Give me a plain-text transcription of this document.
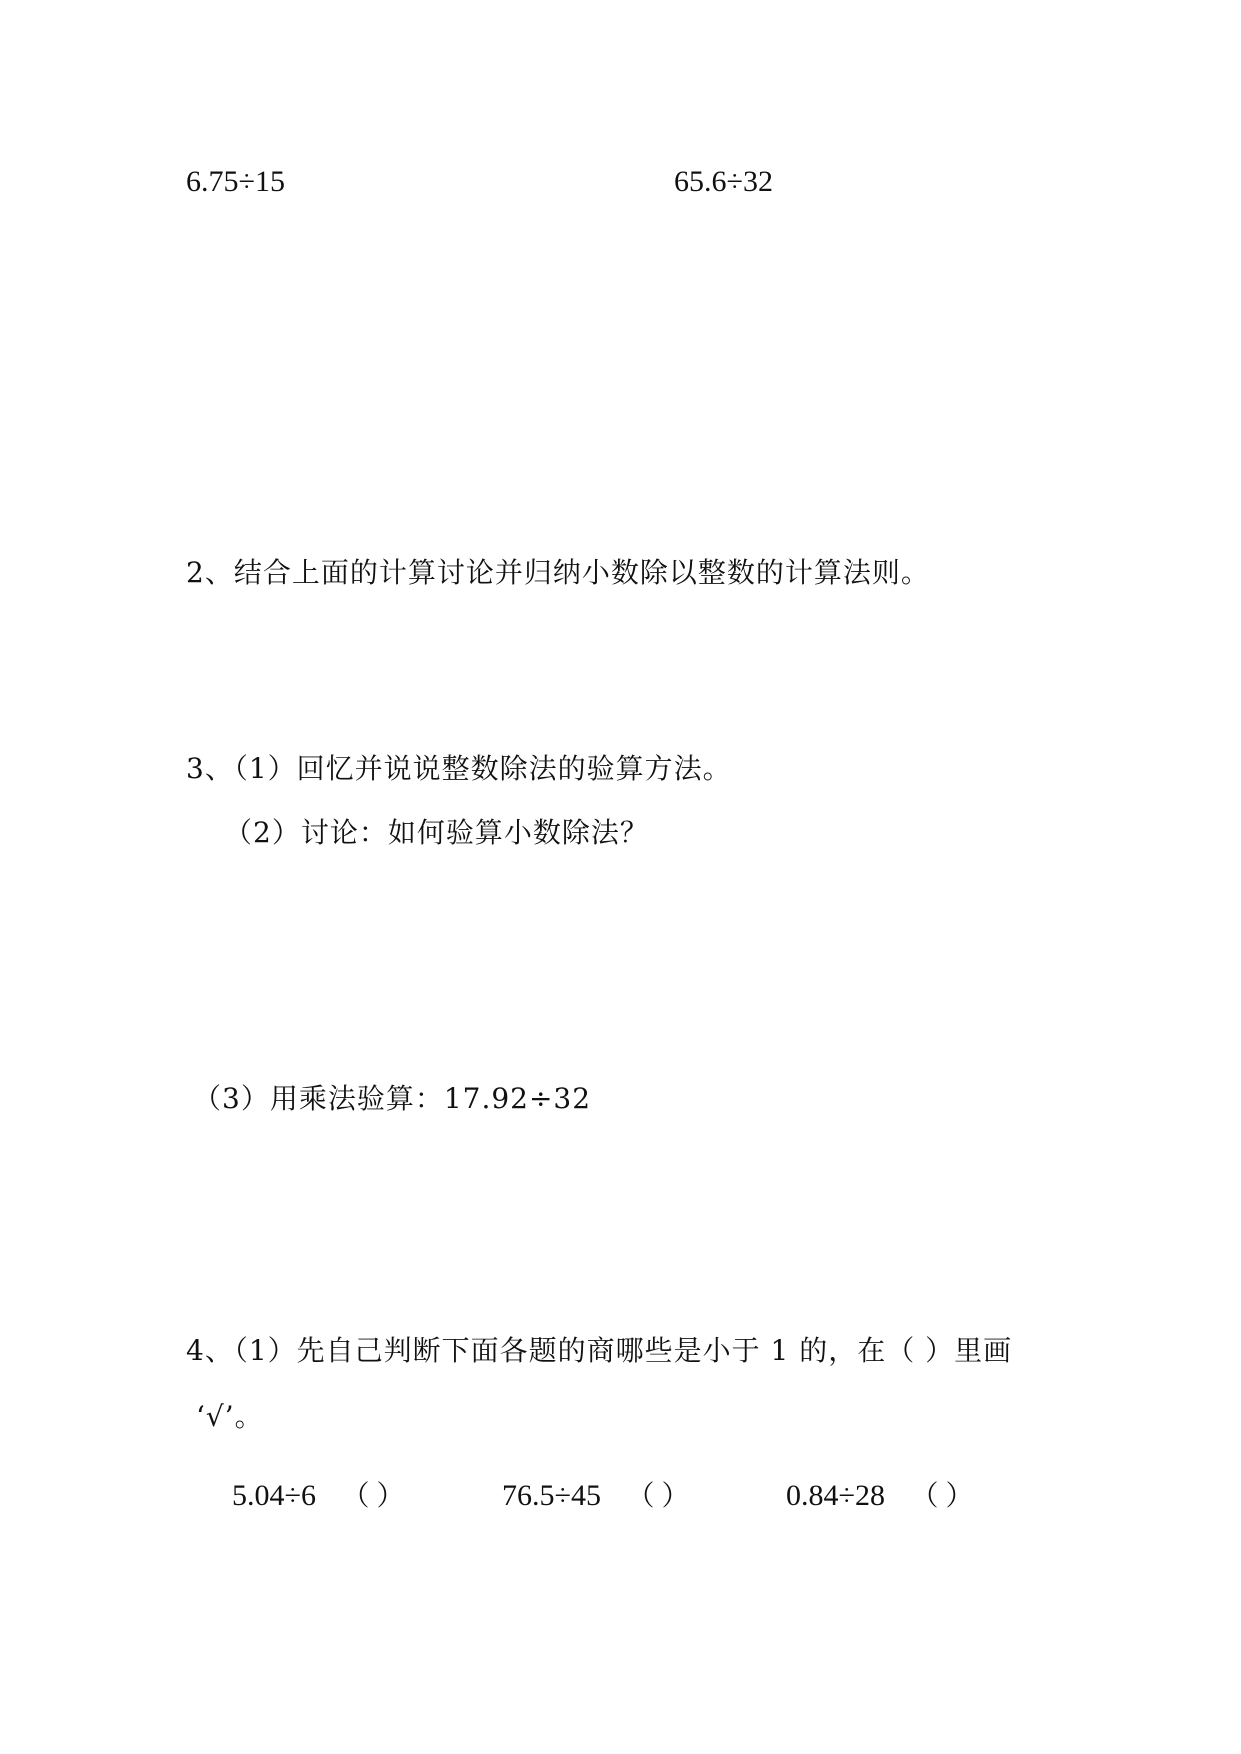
6.75÷15	65.6÷32
2、结合上面的计算讨论并归纳小数除以整数的计算法则。
3、（1）回忆并说说整数除法的验算方法。
（2）讨论：如何验算小数除法？
（3）用乘法验算：17.92÷32
4、（1）先自己判断下面各题的商哪些是小于 1 的，在（ ）里画
‘√’。
5.04÷6 （ ）	76.5÷45 （ ）	0.84÷28 （ ）
